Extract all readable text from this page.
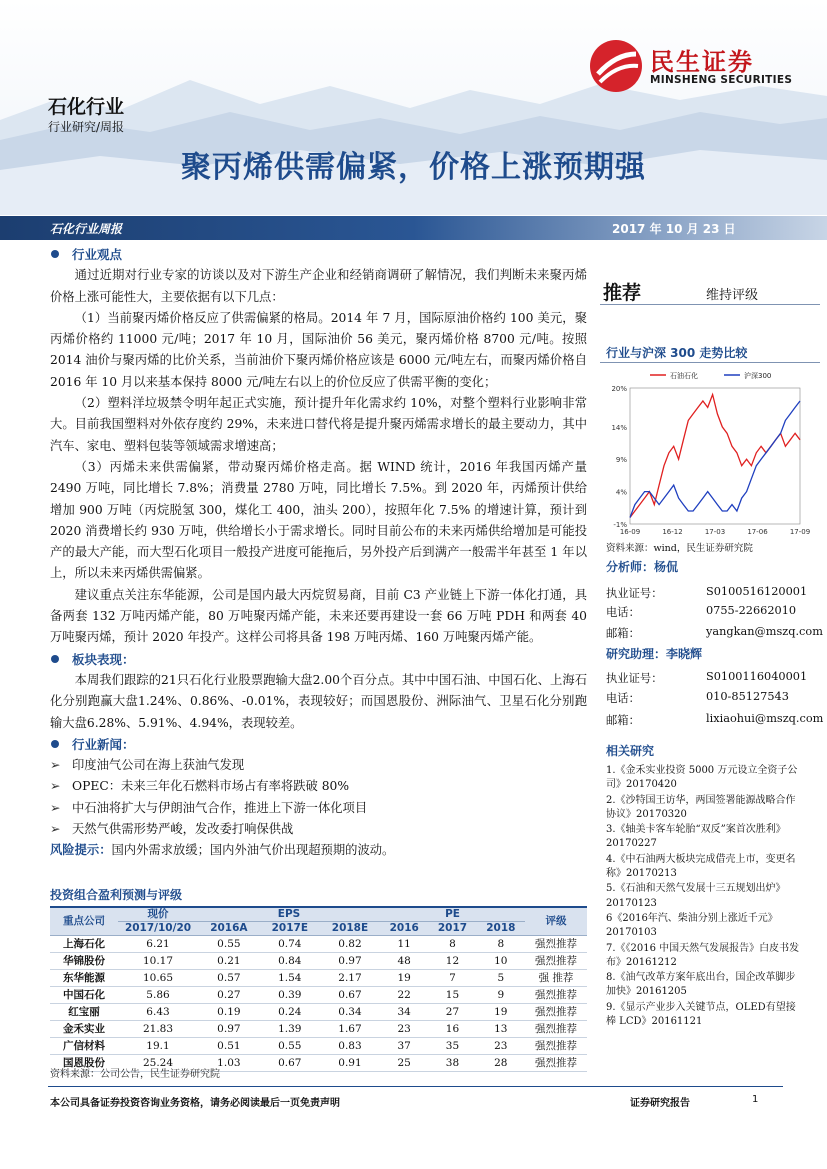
石化行业
行业研究/周报
聚丙烯供需偏紧，价格上涨预期强
民生证券
MINSHENG SECURITIES
石化行业周报	2017 年 10 月 23 日
行业观点

通过近期对行业专家的访谈以及对下游生产企业和经销商调研了解情况，我们判断未来聚丙烯价格上涨可能性大，主要依据有以下几点：

（1）当前聚丙烯价格反应了供需偏紧的格局。2014 年 7 月，国际原油价格约 100 美元，聚丙烯价格约 11000 元/吨；2017 年 10 月，国际油价 56 美元，聚丙烯价格 8700 元/吨。按照 2014 油价与聚丙烯的比价关系，当前油价下聚丙烯价格应该是 6000 元/吨左右，而聚丙烯价格自 2016 年 10 月以来基本保持 8000 元/吨左右以上的价位反应了供需平衡的变化；

（2）塑料洋垃圾禁令明年起正式实施，预计提升年化需求约 10%，对整个塑料行业影响非常大。目前我国塑料对外依存度约 29%，未来进口替代将是提升聚丙烯需求增长的最主要动力，其中汽车、家电、塑料包装等领域需求增速高；

（3）丙烯未来供需偏紧，带动聚丙烯价格走高。据 WIND 统计，2016 年我国丙烯产量 2490 万吨，同比增长 7.8%；消费量 2780 万吨，同比增长 7.5%。到 2020 年，丙烯预计供给增加 900 万吨（丙烷脱氢 300，煤化工 400，油头 200），按照年化 7.5% 的增速计算，预计到 2020 消费增长约 930 万吨，供给增长小于需求增长。同时目前公布的未来丙烯供给增加是可能投产的最大产能，而大型石化项目一般投产进度可能拖后，另外投产后到满产一般需半年甚至 1 年以上，所以未来丙烯供需偏紧。

建议重点关注东华能源，公司是国内最大丙烷贸易商，目前 C3 产业链上下游一体化打通，具备两套 132 万吨丙烯产能，80 万吨聚丙烯产能，未来还要再建设一套 66 万吨 PDH 和两套 40 万吨聚丙烯，预计 2020 年投产。这样公司将具备 198 万吨丙烯、160 万吨聚丙烯产能。

板块表现：

本周我们跟踪的21只石化行业股票跑输大盘2.00个百分点。其中中国石油、中国石化、上海石化分别跑赢大盘1.24%、0.86%、-0.01%，表现较好；而国恩股份、洲际油气、卫星石化分别跑输大盘6.28%、5.91%、4.94%，表现较差。

行业新闻：
➢ 印度油气公司在海上获油气发现
➢ OPEC：未来三年化石燃料市场占有率将跌破 80%
➢ 中石油将扩大与伊朗油气合作，推进上下游一体化项目
➢ 天然气供需形势严峻，发改委打响保供战
风险提示：国内外需求放缓；国内外油气价出现超预期的波动。
投资组合盈利预测与评级
重点公司	现价	EPS			PE			评级
	2017/10/20	2016A	2017E	2018E	2016	2017	2018	
上海石化	6.21	0.55	0.74	0.82	11	8	8	强烈推荐
华锦股份	10.17	0.21	0.84	0.97	48	12	10	强烈推荐
东华能源	10.65	0.57	1.54	2.17	19	7	5	强 推荐
中国石化	5.86	0.27	0.39	0.67	22	15	9	强烈推荐
红宝丽	6.43	0.19	0.24	0.34	34	27	19	强烈推荐
金禾实业	21.83	0.97	1.39	1.67	23	16	13	强烈推荐
广信材料	19.1	0.51	0.55	0.83	37	35	23	强烈推荐
国恩股份	25.24	1.03	0.67	0.91	25	38	28	强烈推荐
资料来源：公司公告，民生证券研究院
推荐	维持评级
行业与沪深 300 走势比较
20%
14%
9%
4%
-1%
16-09	16-12	17-03	17-06	17-09
石油石化	沪深300
资料来源：wind，民生证券研究院
分析师：杨侃
执业证号：	S0100516120001
电话：	0755-22662010
邮箱：	yangkan@mszq.com
研究助理：李晓辉
执业证号：	S0100116040001
电话：	010-85127543
邮箱：	lixiaohui@mszq.com
相关研究
1.《金禾实业投资 5000 万元设立全资子公司》20170420
2.《沙特国王访华，两国签署能源战略合作协议》20170320
3.《轴美卡客车轮胎“双反”案首次胜利》20170227
4.《中石油两大板块完成借壳上市，变更名称》20170213
5.《石油和天然气发展十三五规划出炉》20170123
6《2016年汽、柴油分别上涨近千元》20170103
7.《《2016 中国天然气发展报告》白皮书发布》20161212
8.《油气改革方案年底出台，国企改革脚步加快》20161205
9.《显示产业步入关键节点，OLED有望接棒 LCD》20161121
本公司具备证券投资咨询业务资格，请务必阅读最后一页免责声明	证券研究报告	1
